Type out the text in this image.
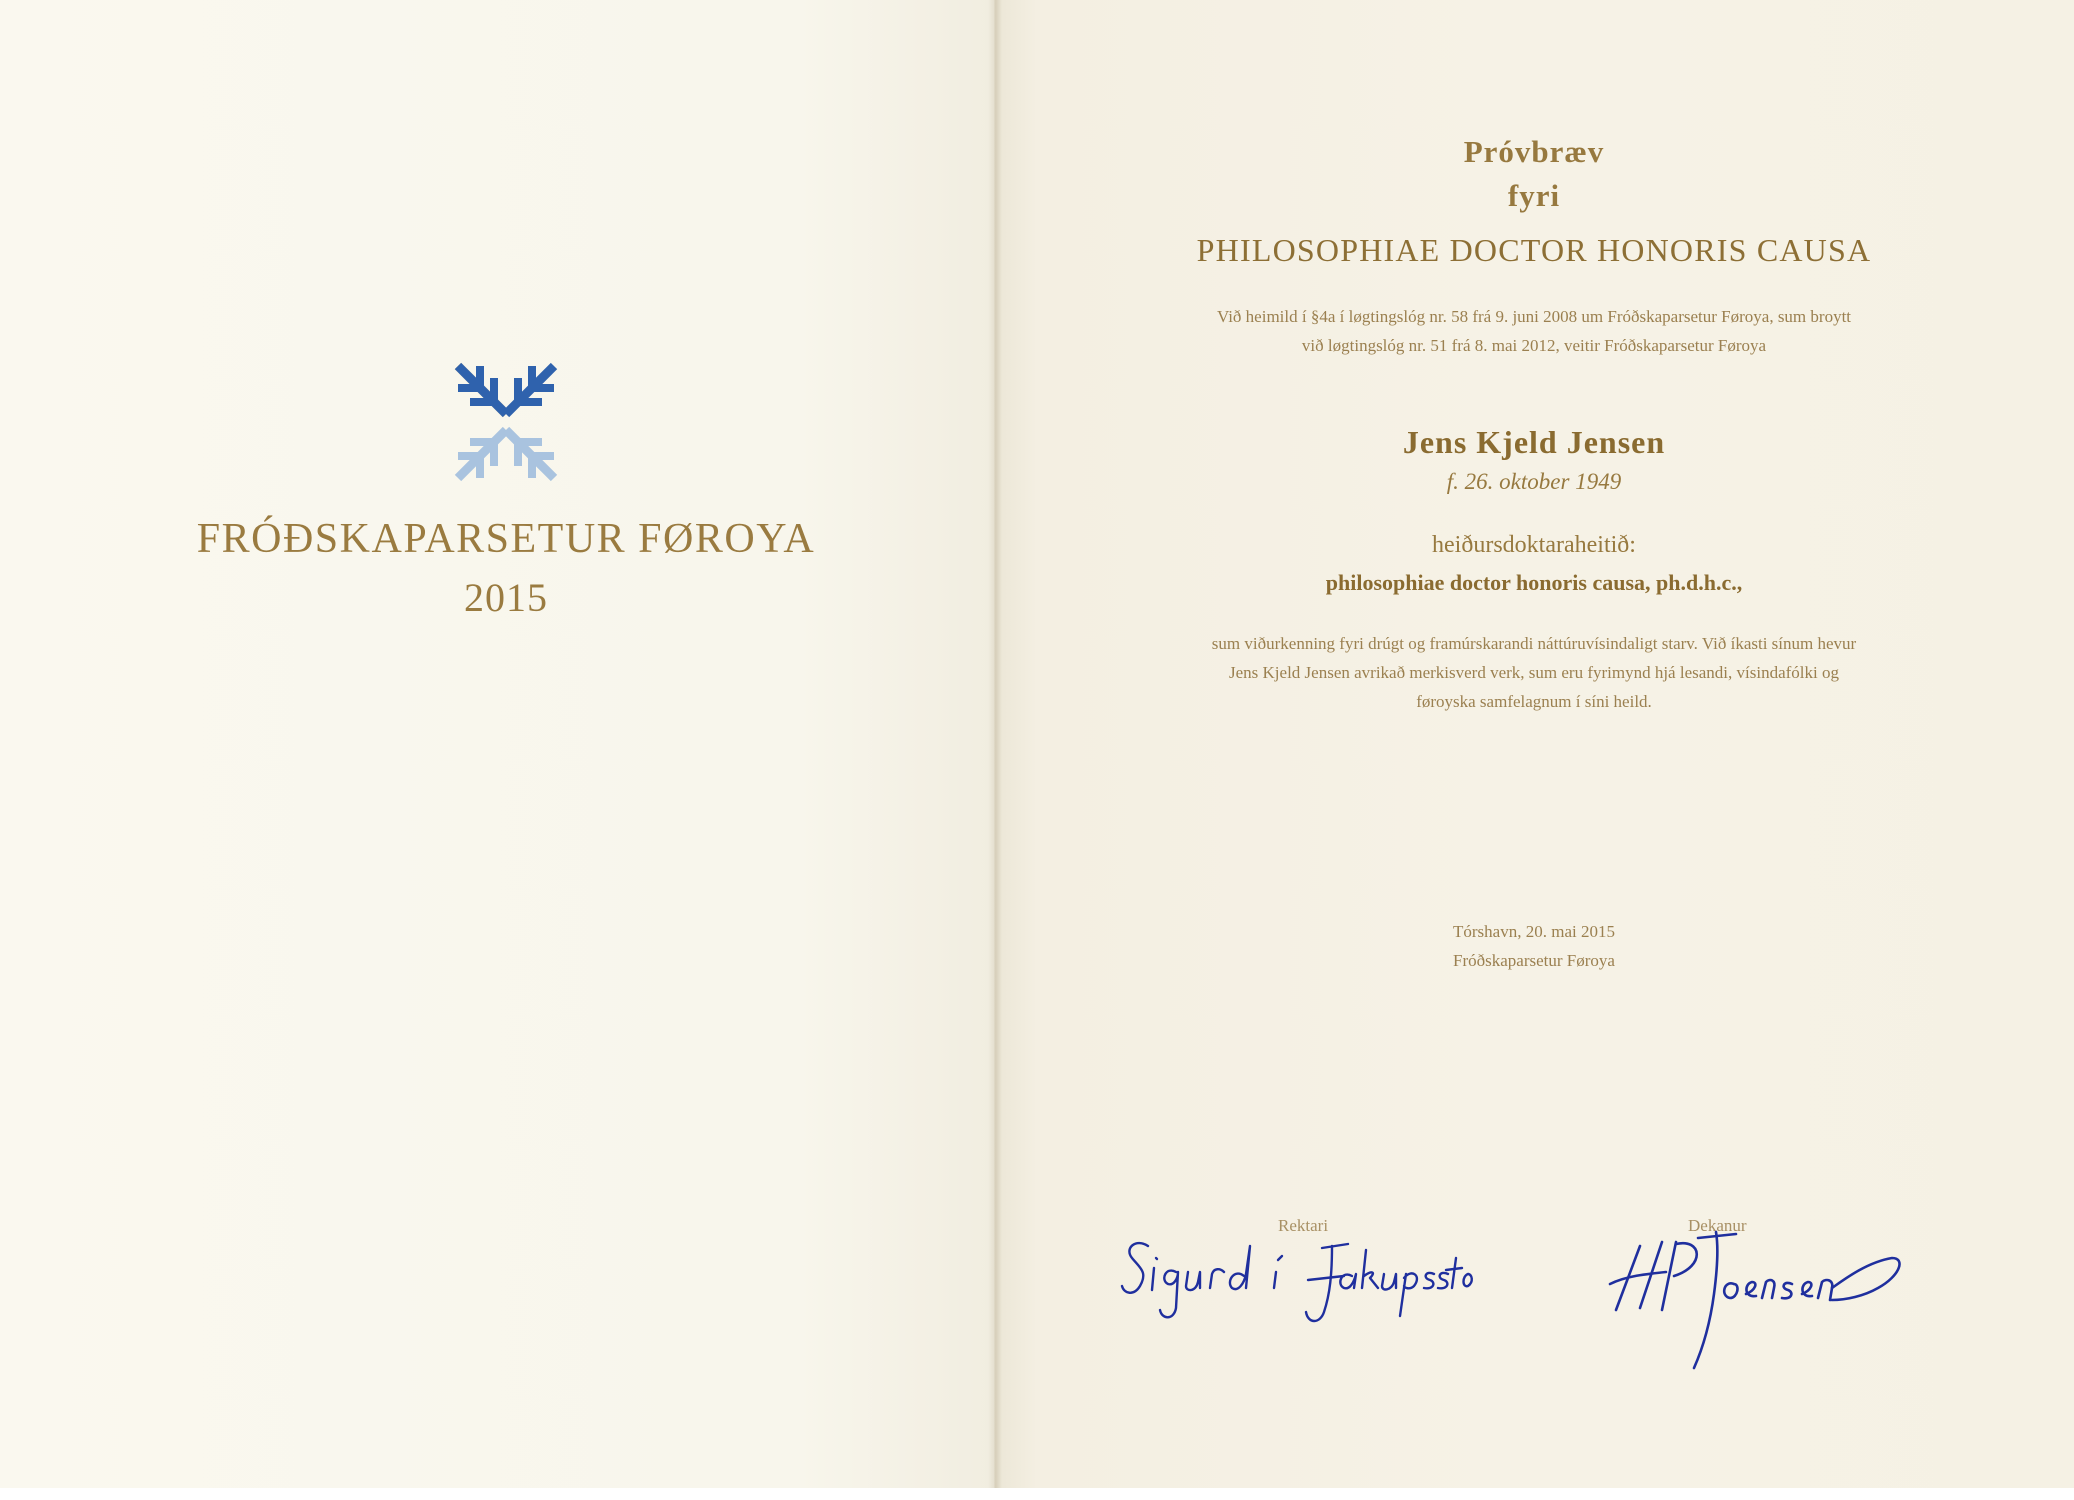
FRÓÐSKAPARSETUR FØROYA
2015
Próvbræv
fyri
PHILOSOPHIAE DOCTOR HONORIS CAUSA
Við heimild í §4a í løgtingslóg nr. 58 frá 9. juni 2008 um Fróðskaparsetur Føroya, sum broytt
við løgtingslóg nr. 51 frá 8. mai 2012, veitir Fróðskaparsetur Føroya
Jens Kjeld Jensen
f. 26. oktober 1949
heiðursdoktaraheitið:
philosophiae doctor honoris causa, ph.d.h.c.,
sum viðurkenning fyri drúgt og framúrskarandi náttúruvísindaligt starv. Við íkasti sínum hevur
Jens Kjeld Jensen avrikað merkisverd verk, sum eru fyrimynd hjá lesandi, vísindafólki og
føroyska samfelagnum í síni heild.
Tórshavn, 20. mai 2015
Fróðskaparsetur Føroya
Rektari	Dekanur
